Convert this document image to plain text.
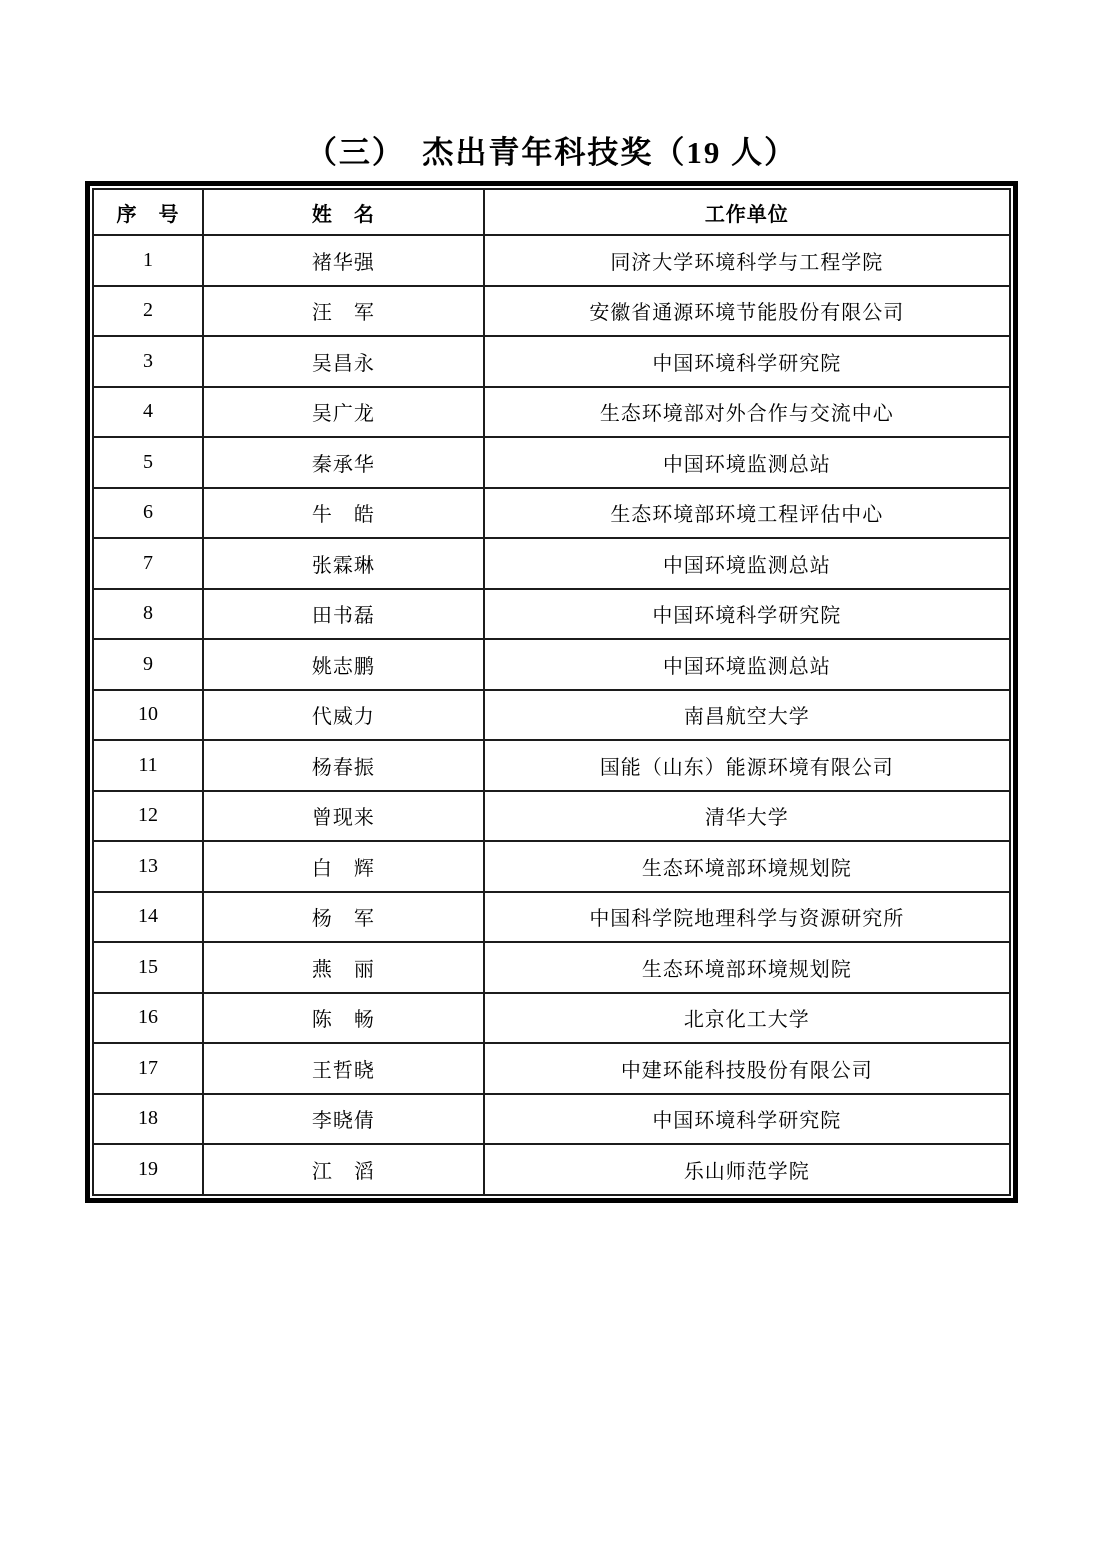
（三）　杰出青年科技奖（19 人）
序　号	姓　名	工作单位
1	褚华强	同济大学环境科学与工程学院
2	汪　军	安徽省通源环境节能股份有限公司
3	吴昌永	中国环境科学研究院
4	吴广龙	生态环境部对外合作与交流中心
5	秦承华	中国环境监测总站
6	牛　皓	生态环境部环境工程评估中心
7	张霖琳	中国环境监测总站
8	田书磊	中国环境科学研究院
9	姚志鹏	中国环境监测总站
10	代威力	南昌航空大学
11	杨春振	国能（山东）能源环境有限公司
12	曾现来	清华大学
13	白　辉	生态环境部环境规划院
14	杨　军	中国科学院地理科学与资源研究所
15	燕　丽	生态环境部环境规划院
16	陈　畅	北京化工大学
17	王哲晓	中建环能科技股份有限公司
18	李晓倩	中国环境科学研究院
19	江　滔	乐山师范学院
